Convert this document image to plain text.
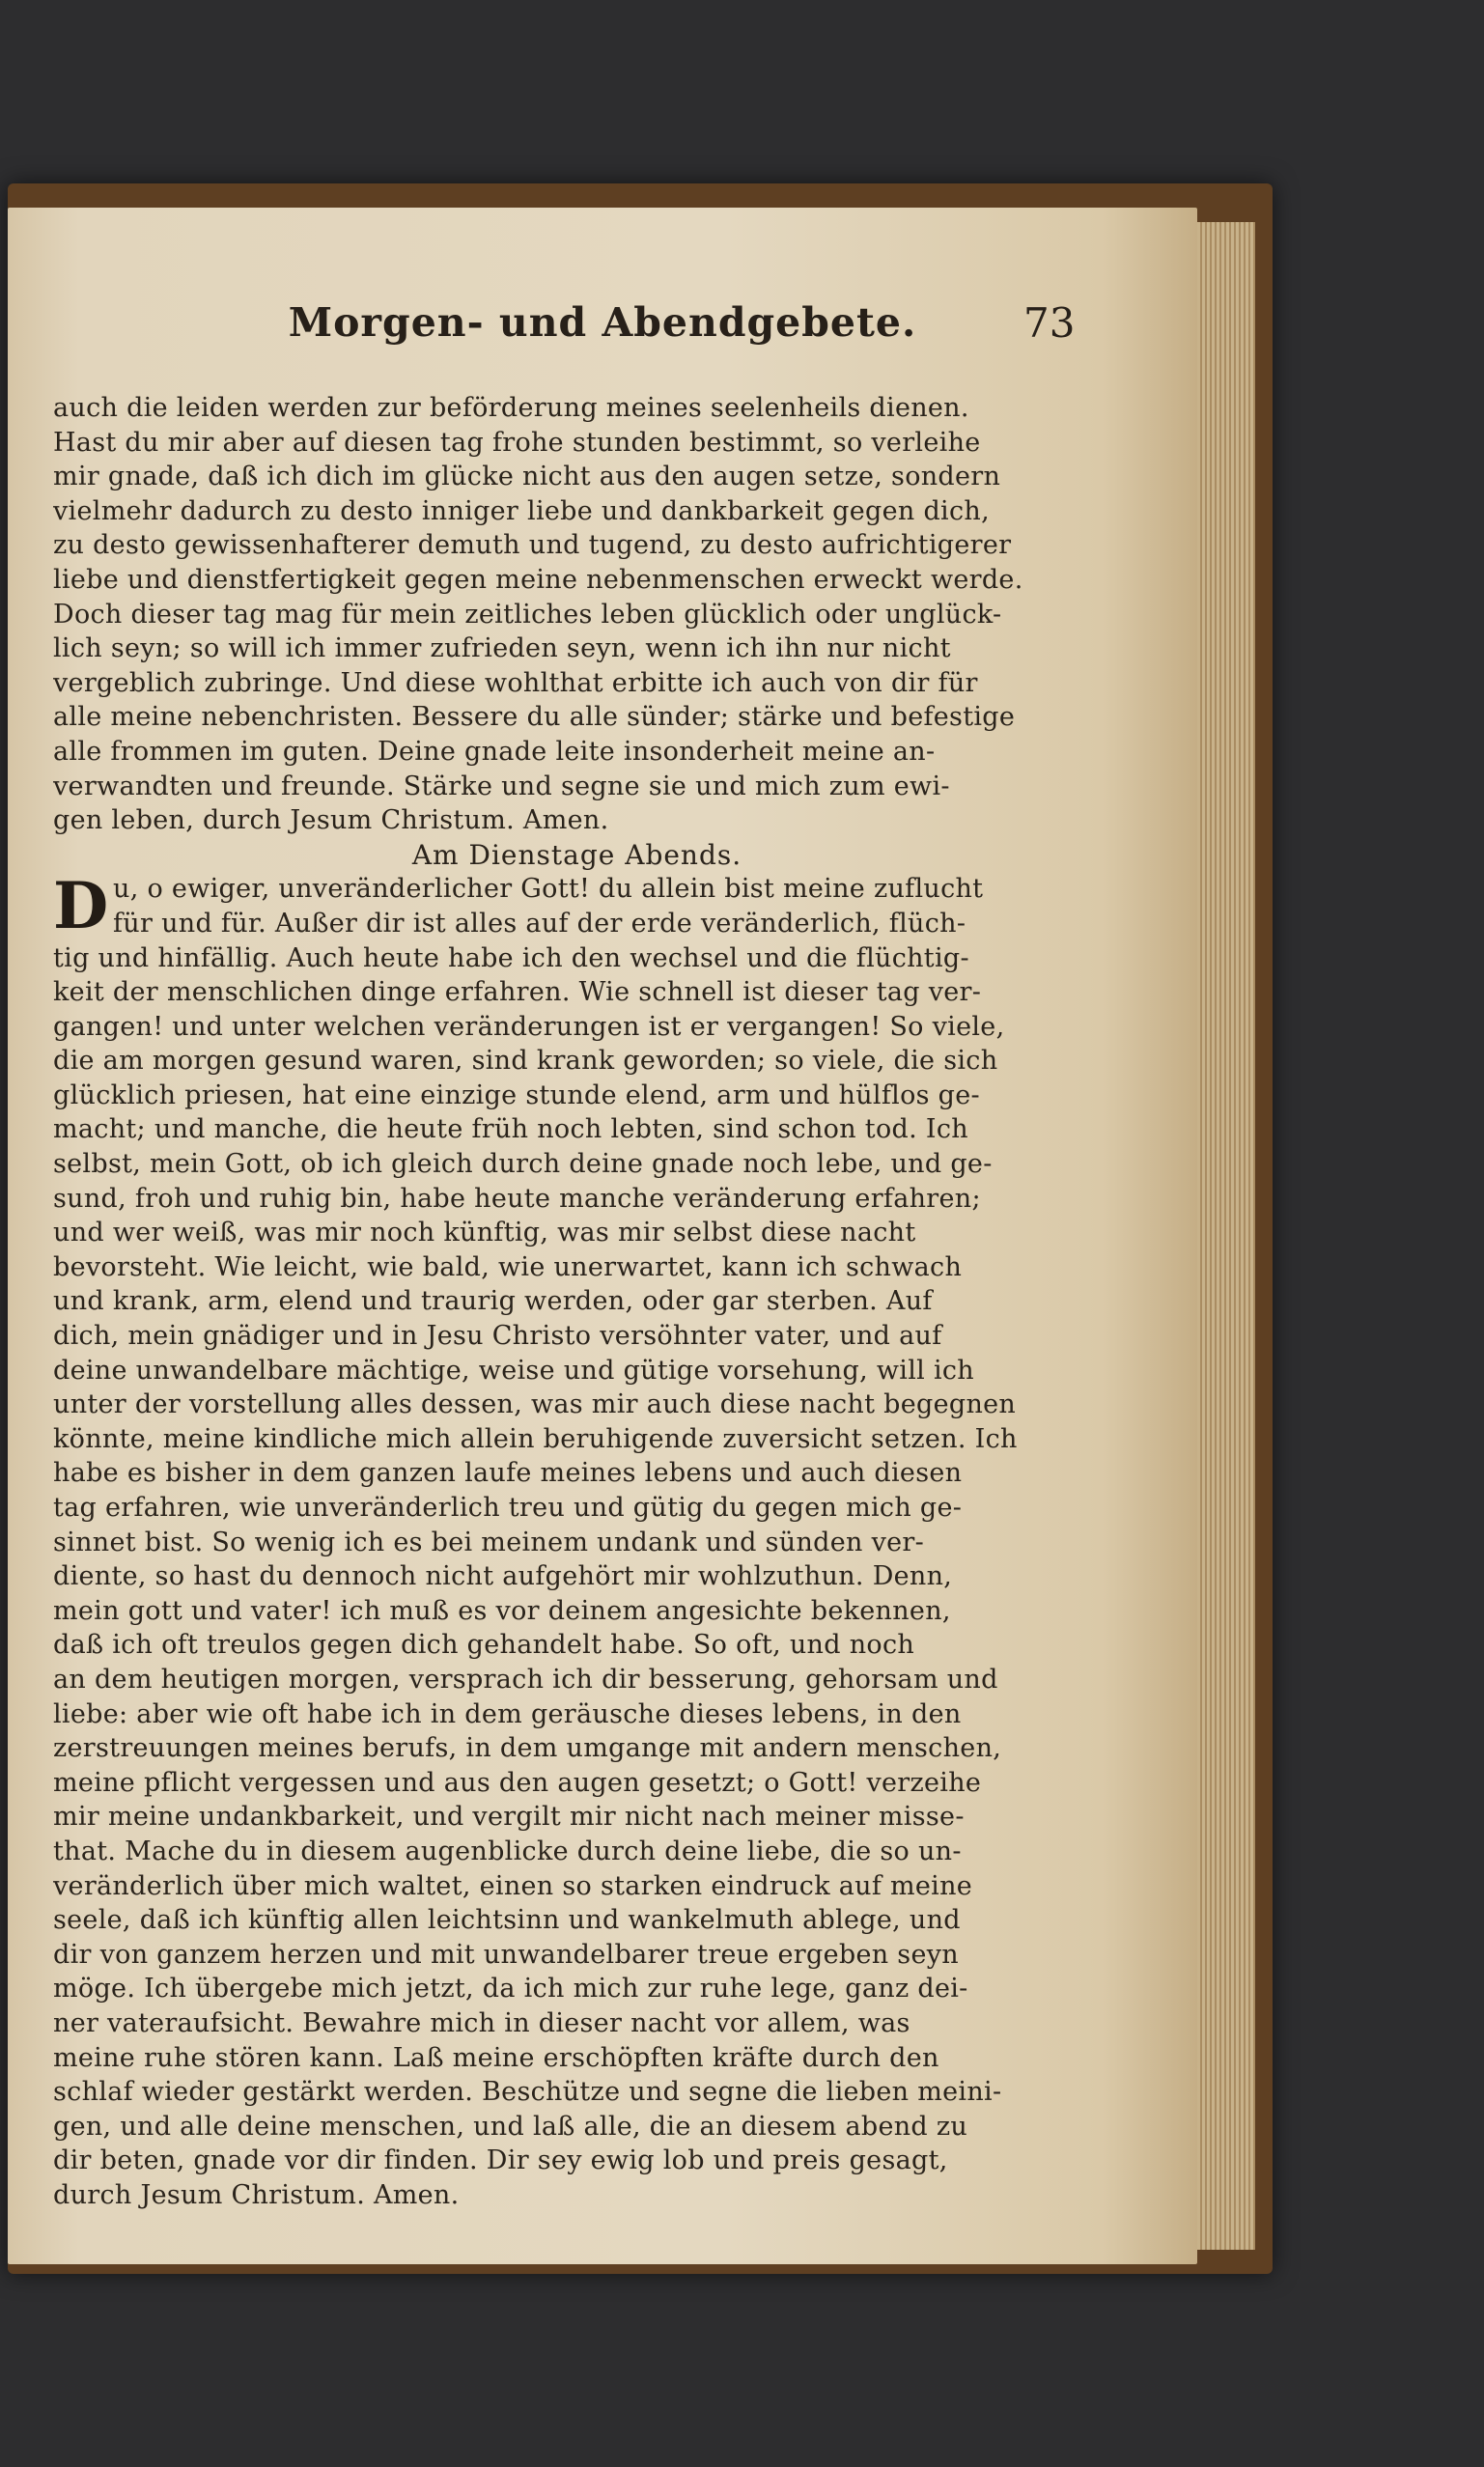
Morgen- und Abendgebete.	73
auch die leiden werden zur beförderung meines seelenheils dienen.
Hast du mir aber auf diesen tag frohe stunden bestimmt, so verleihe
mir gnade, daß ich dich im glücke nicht aus den augen setze, sondern
vielmehr dadurch zu desto inniger liebe und dankbarkeit gegen dich,
zu desto gewissenhafterer demuth und tugend, zu desto aufrichtigerer
liebe und dienstfertigkeit gegen meine nebenmenschen erweckt werde.
Doch dieser tag mag für mein zeitliches leben glücklich oder unglück-
lich seyn; so will ich immer zufrieden seyn, wenn ich ihn nur nicht
vergeblich zubringe. Und diese wohlthat erbitte ich auch von dir für
alle meine nebenchristen. Bessere du alle sünder; stärke und befestige
alle frommen im guten. Deine gnade leite insonderheit meine an-
verwandten und freunde. Stärke und segne sie und mich zum ewi-
gen leben, durch Jesum Christum. Amen.
Am Dienstage Abends.
D u, o ewiger, unveränderlicher Gott! du allein bist meine zuflucht
für und für. Außer dir ist alles auf der erde veränderlich, flüch-
tig und hinfällig. Auch heute habe ich den wechsel und die flüchtig-
keit der menschlichen dinge erfahren. Wie schnell ist dieser tag ver-
gangen! und unter welchen veränderungen ist er vergangen! So viele,
die am morgen gesund waren, sind krank geworden; so viele, die sich
glücklich priesen, hat eine einzige stunde elend, arm und hülflos ge-
macht; und manche, die heute früh noch lebten, sind schon tod. Ich
selbst, mein Gott, ob ich gleich durch deine gnade noch lebe, und ge-
sund, froh und ruhig bin, habe heute manche veränderung erfahren;
und wer weiß, was mir noch künftig, was mir selbst diese nacht
bevorsteht. Wie leicht, wie bald, wie unerwartet, kann ich schwach
und krank, arm, elend und traurig werden, oder gar sterben. Auf
dich, mein gnädiger und in Jesu Christo versöhnter vater, und auf
deine unwandelbare mächtige, weise und gütige vorsehung, will ich
unter der vorstellung alles dessen, was mir auch diese nacht begegnen
könnte, meine kindliche mich allein beruhigende zuversicht setzen. Ich
habe es bisher in dem ganzen laufe meines lebens und auch diesen
tag erfahren, wie unveränderlich treu und gütig du gegen mich ge-
sinnet bist. So wenig ich es bei meinem undank und sünden ver-
diente, so hast du dennoch nicht aufgehört mir wohlzuthun. Denn,
mein gott und vater! ich muß es vor deinem angesichte bekennen,
daß ich oft treulos gegen dich gehandelt habe. So oft, und noch
an dem heutigen morgen, versprach ich dir besserung, gehorsam und
liebe: aber wie oft habe ich in dem geräusche dieses lebens, in den
zerstreuungen meines berufs, in dem umgange mit andern menschen,
meine pflicht vergessen und aus den augen gesetzt; o Gott! verzeihe
mir meine undankbarkeit, und vergilt mir nicht nach meiner misse-
that. Mache du in diesem augenblicke durch deine liebe, die so un-
veränderlich über mich waltet, einen so starken eindruck auf meine
seele, daß ich künftig allen leichtsinn und wankelmuth ablege, und
dir von ganzem herzen und mit unwandelbarer treue ergeben seyn
möge. Ich übergebe mich jetzt, da ich mich zur ruhe lege, ganz dei-
ner vateraufsicht. Bewahre mich in dieser nacht vor allem, was
meine ruhe stören kann. Laß meine erschöpften kräfte durch den
schlaf wieder gestärkt werden. Beschütze und segne die lieben meini-
gen, und alle deine menschen, und laß alle, die an diesem abend zu
dir beten, gnade vor dir finden. Dir sey ewig lob und preis gesagt,
durch Jesum Christum. Amen.
